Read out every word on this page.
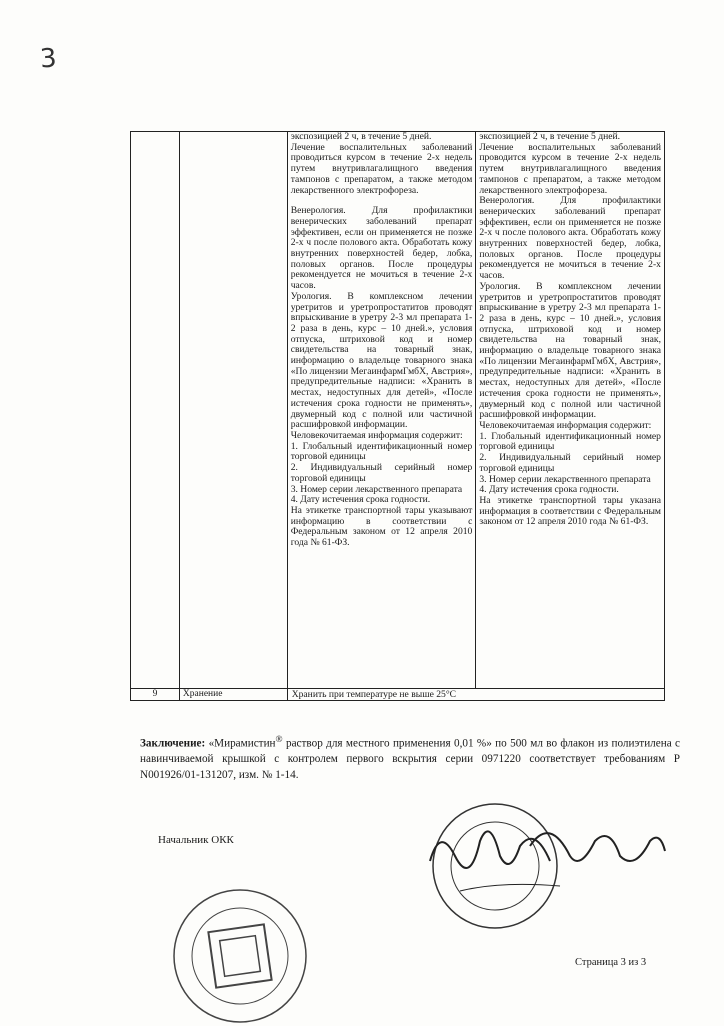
3

экспозицией 2 ч, в течение 5 дней.

Лечение воспалительных заболеваний проводиться курсом в течение 2-х недель путем внутривлагалищного введения тампонов с препаратом, а также методом лекарственного электрофореза.

Венерология. Для профилактики венерических заболеваний препарат эффективен, если он применяется не позже 2-х ч после полового акта. Обработать кожу внутренних поверхностей бедер, лобка, половых органов. После процедуры рекомендуется не мочиться в течение 2-х часов.

Урология. В комплексном лечении уретритов и уретропростатитов проводят впрыскивание в уретру 2-3 мл препарата 1-2 раза в день, курс – 10 дней.», условия отпуска, штриховой код и номер свидетельства на товарный знак, информацию о владельце товарного знака «По лицензии МегаинфармГмбХ, Австрия», предупредительные надписи: «Хранить в местах, недоступных для детей», «После истечения срока годности не применять», двумерный код с полной или частичной расшифровкой информации.

Человекочитаемая информация содержит:

1. Глобальный идентификационный номер торговой единицы

2. Индивидуальный серийный номер торговой единицы

3. Номер серии лекарственного препарата

4. Дату истечения срока годности.

На этикетке транспортной тары указывают информацию в соответствии с Федеральным законом от 12 апреля 2010 года № 61-ФЗ.

экспозицией 2 ч, в течение 5 дней.

Лечение воспалительных заболеваний проводится курсом в течение 2-х недель путем внутривлагалищного введения тампонов с препаратом, а также методом лекарственного электрофореза.

Венерология. Для профилактики венерических заболеваний препарат эффективен, если он применяется не позже 2-х ч после полового акта. Обработать кожу внутренних поверхностей бедер, лобка, половых органов. После процедуры рекомендуется не мочиться в течение 2-х часов.

Урология. В комплексном лечении уретритов и уретропростатитов проводят впрыскивание в уретру 2-3 мл препарата 1-2 раза в день, курс – 10 дней.», условия отпуска, штриховой код и номер свидетельства на товарный знак, информацию о владельце товарного знака «По лицензии МегаинфармГмбХ, Австрия», предупредительные надписи: «Хранить в местах, недоступных для детей», «После истечения срока годности не применять», двумерный код с полной или частичной расшифровкой информации.

Человекочитаемая информация содержит:

1. Глобальный идентификационный номер торговой единицы

2. Индивидуальный серийный номер торговой единицы

3. Номер серии лекарственного препарата

4. Дату истечения срока годности.

На этикетке транспортной тары указана информация в соответствии с Федеральным законом от 12 апреля 2010 года № 61-ФЗ.

9	Хранение	Хранить при температуре не выше 25°С

Заключение: «Мирамистин® раствор для местного применения 0,01 %» по 500 мл во флакон из полиэтилена с навинчиваемой крышкой с контролем первого вскрытия серии 0971220 соответствует требованиям Р N001926/01-131207, изм. № 1-14.

Начальник ОКК
Страница 3 из 3
